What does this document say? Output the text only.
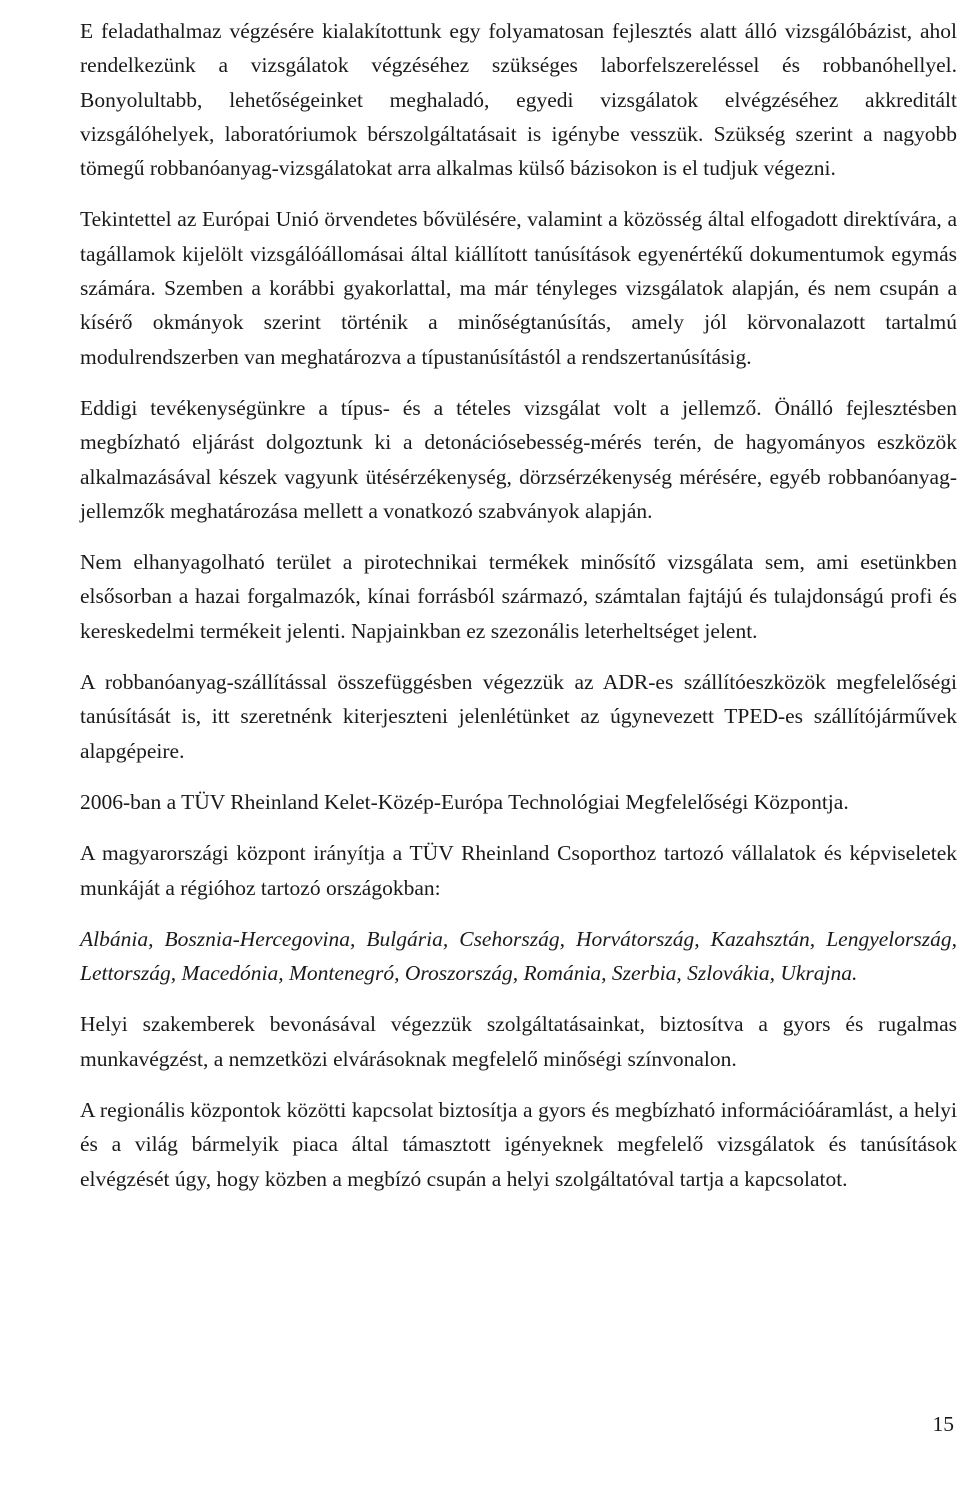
E feladathalmaz végzésére kialakítottunk egy folyamatosan fejlesztés alatt álló vizsgálóbázist, ahol rendelkezünk a vizsgálatok végzéséhez szükséges laborfelszereléssel és robbanóhellyel. Bonyolultabb, lehetőségeinket meghaladó, egyedi vizsgálatok elvégzéséhez akkreditált vizsgálóhelyek, laboratóriumok bérszolgáltatásait is igénybe vesszük. Szükség szerint a nagyobb tömegű robbanóanyag-vizsgálatokat arra alkalmas külső bázisokon is el tudjuk végezni.

Tekintettel az Európai Unió örvendetes bővülésére, valamint a közösség által elfogadott direktívára, a tagállamok kijelölt vizsgálóállomásai által kiállított tanúsítások egyenértékű dokumentumok egymás számára. Szemben a korábbi gyakorlattal, ma már tényleges vizsgálatok alapján, és nem csupán a kísérő okmányok szerint történik a minőségtanúsítás, amely jól körvonalazott tartalmú modulrendszerben van meghatározva a típustanúsítástól a rendszertanúsításig.

Eddigi tevékenységünkre a típus- és a tételes vizsgálat volt a jellemző. Önálló fejlesztésben megbízható eljárást dolgoztunk ki a detonációsebesség-mérés terén, de hagyományos eszközök alkalmazásával készek vagyunk ütésérzékenység, dörzsérzékenység mérésére, egyéb robbanóanyag-jellemzők meghatározása mellett a vonatkozó szabványok alapján.

Nem elhanyagolható terület a pirotechnikai termékek minősítő vizsgálata sem, ami esetünkben elsősorban a hazai forgalmazók, kínai forrásból származó, számtalan fajtájú és tulajdonságú profi és kereskedelmi termékeit jelenti. Napjainkban ez szezonális leterheltséget jelent.

A robbanóanyag-szállítással összefüggésben végezzük az ADR-es szállítóeszközök megfelelőségi tanúsítását is, itt szeretnénk kiterjeszteni jelenlétünket az úgynevezett TPED-es szállítójárművek alapgépeire.

2006-ban a TÜV Rheinland Kelet-Közép-Európa Technológiai Megfelelőségi Központja.

A magyarországi központ irányítja a TÜV Rheinland Csoporthoz tartozó vállalatok és képviseletek munkáját a régióhoz tartozó országokban:

Albánia, Bosznia-Hercegovina, Bulgária, Csehország, Horvátország, Kazahsztán, Lengyelország, Lettország, Macedónia, Montenegró, Oroszország, Románia, Szerbia, Szlovákia, Ukrajna.

Helyi szakemberek bevonásával végezzük szolgáltatásainkat, biztosítva a gyors és rugalmas munkavégzést, a nemzetközi elvárásoknak megfelelő minőségi színvonalon.

A regionális központok közötti kapcsolat biztosítja a gyors és megbízható információáramlást, a helyi és a világ bármelyik piaca által támasztott igényeknek megfelelő vizsgálatok és tanúsítások elvégzését úgy, hogy közben a megbízó csupán a helyi szolgáltatóval tartja a kapcsolatot.

15
